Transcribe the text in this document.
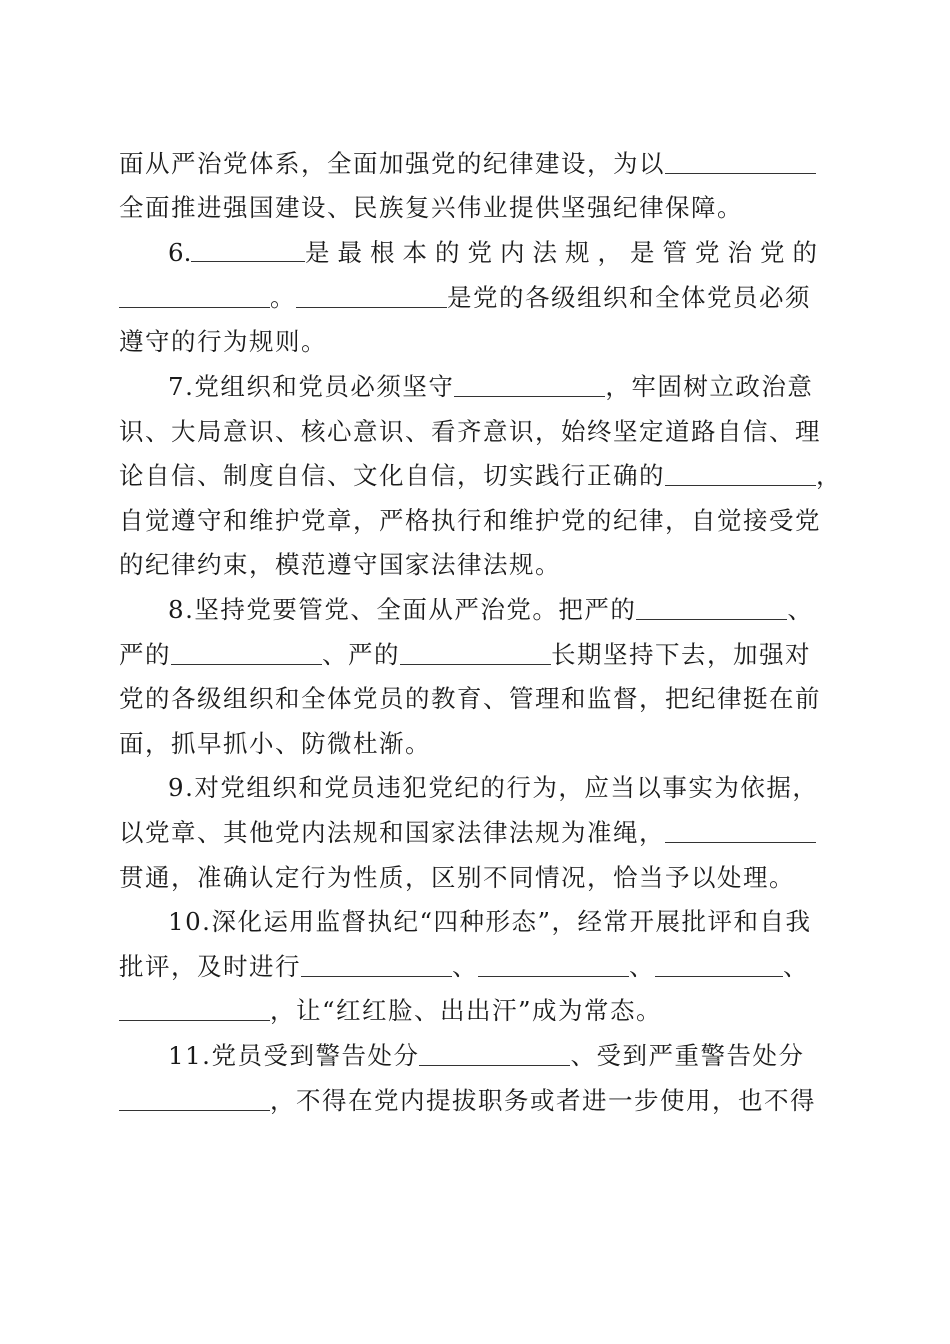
面从严治党体系，全面加强党的纪律建设，为以
全面推进强国建设、民族复兴伟业提供坚强纪律保障。
6.	是最根本的党内法规，是管党治党的
。	是党的各级组织和全体党员必须
遵守的行为规则。
7.党组织和党员必须坚守	，牢固树立政治意
识、大局意识、核心意识、看齐意识，始终坚定道路自信、理
论自信、制度自信、文化自信，切实践行正确的	，
自觉遵守和维护党章，严格执行和维护党的纪律，自觉接受党
的纪律约束，模范遵守国家法律法规。
8.坚持党要管党、全面从严治党。把严的	、
严的	、严的	长期坚持下去，加强对
党的各级组织和全体党员的教育、管理和监督，把纪律挺在前
面，抓早抓小、防微杜渐。
9.对党组织和党员违犯党纪的行为，应当以事实为依据，
以党章、其他党内法规和国家法律法规为准绳，
贯通，准确认定行为性质，区别不同情况，恰当予以处理。
10.深化运用监督执纪“四种形态”，经常开展批评和自我
批评，及时进行	、	、	、
，让“红红脸、出出汗”成为常态。
11.党员受到警告处分	、受到严重警告处分
，不得在党内提拔职务或者进一步使用，也不得
